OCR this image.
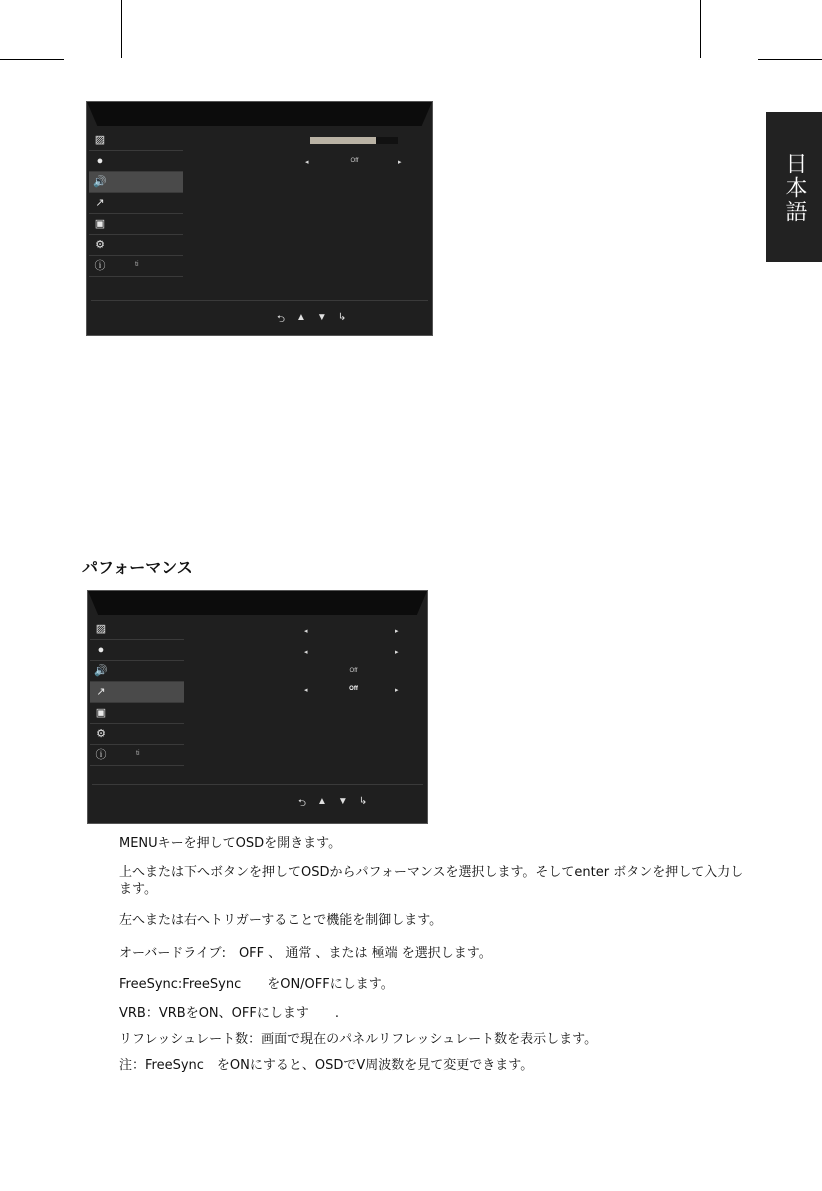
日本語
▨
●
🔊
↗
▣
⚙
ⓘ	ti
◂	Off	▸
⮌ ▲ ▼ ↳
パフォーマンス
▨
●
🔊
↗
▣
⚙
ⓘ	ti
◂	▸
◂	▸
Off
◂	Off	▸
⮌ ▲ ▼ ↳

MENUキーを押してOSDを開きます。

上へまたは下へボタンを押してOSDからパフォーマンスを選択します。そしてenter ボタンを押して入力します。

左へまたは右へトリガーすることで機能を制御します。

オーバードライブ:　OFF 、 通常 、または 極端 を選択します。

FreeSync:FreeSync　　をON/OFFにします。

VRB：VRBをON、OFFにします　　.

リフレッシュレート数：画面で現在のパネルリフレッシュレート数を表示します。

注：FreeSync　をONにすると、OSDでV周波数を見て変更できます。
